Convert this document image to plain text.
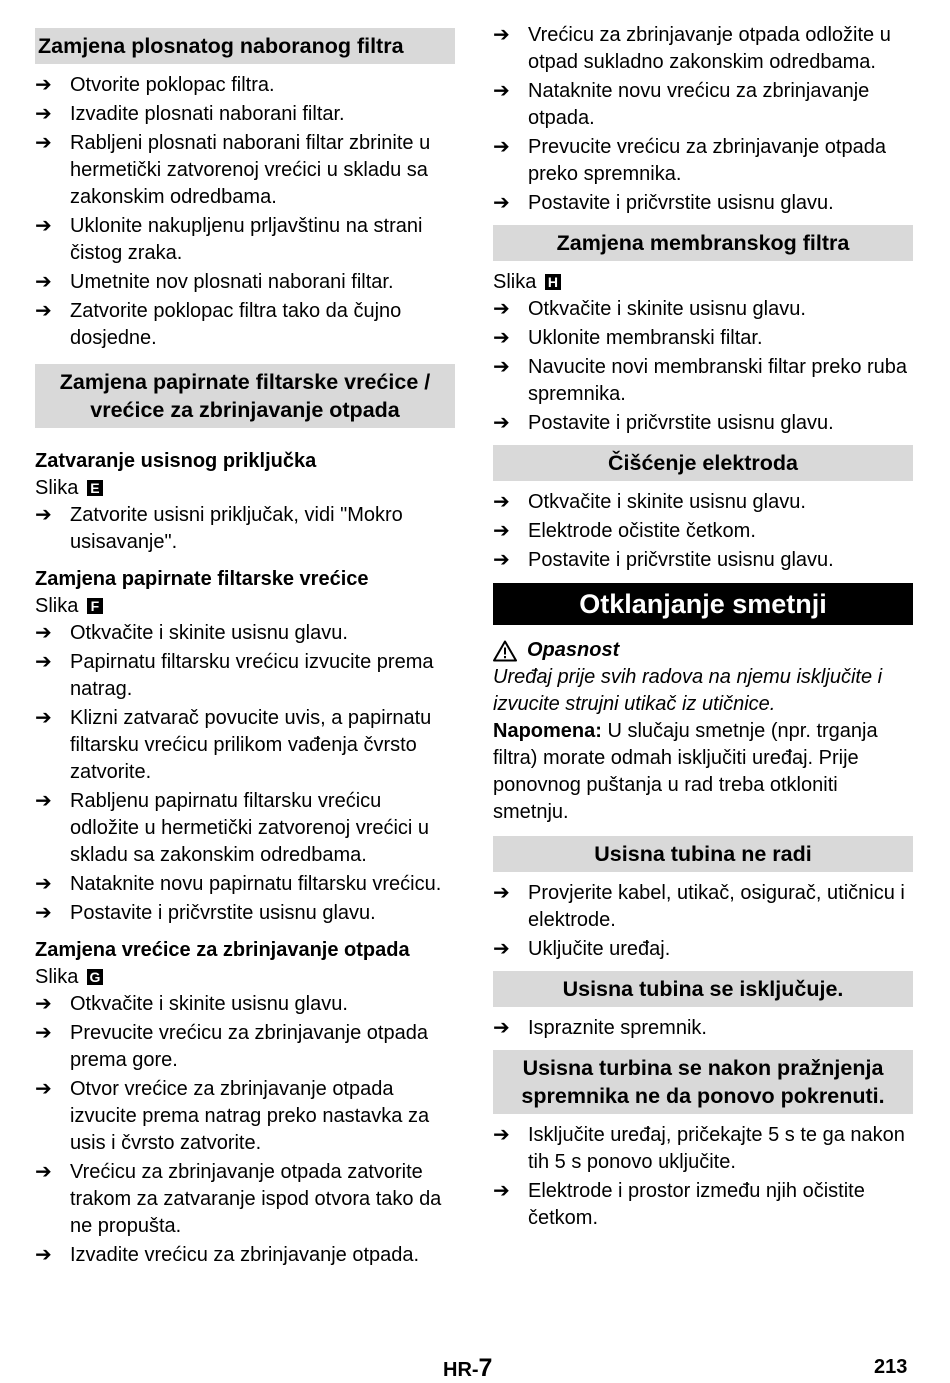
Zamjena plosnatog naboranog filtra
➔ Otvorite poklopac filtra.
➔ Izvadite plosnati naborani filtar.
➔ Rabljeni plosnati naborani filtar zbrinite u hermetički zatvorenoj vrećici u skladu sa zakonskim odredbama.
➔ Uklonite nakupljenu prljavštinu na strani čistog zraka.
➔ Umetnite nov plosnati naborani filtar.
➔ Zatvorite poklopac filtra tako da čujno dosjedne.
Zamjena papirnate filtarske vrećice / vrećice za zbrinjavanje otpada
Zatvaranje usisnog priključka
Slika E
➔ Zatvorite usisni priključak, vidi "Mokro usisavanje".
Zamjena papirnate filtarske vrećice
Slika F
➔ Otkvačite i skinite usisnu glavu.
➔ Papirnatu filtarsku vrećicu izvucite prema natrag.
➔ Klizni zatvarač povucite uvis, a papirnatu filtarsku vrećicu prilikom vađenja čvrsto zatvorite.
➔ Rabljenu papirnatu filtarsku vrećicu odložite u hermetički zatvorenoj vrećici u skladu sa zakonskim odredbama.
➔ Nataknite novu papirnatu filtarsku vrećicu.
➔ Postavite i pričvrstite usisnu glavu.
Zamjena vrećice za zbrinjavanje otpada
Slika G
➔ Otkvačite i skinite usisnu glavu.
➔ Prevucite vrećicu za zbrinjavanje otpada prema gore.
➔ Otvor vrećice za zbrinjavanje otpada izvucite prema natrag preko nastavka za usis i čvrsto zatvorite.
➔ Vrećicu za zbrinjavanje otpada zatvorite trakom za zatvaranje ispod otvora tako da ne propušta.
➔ Izvadite vrećicu za zbrinjavanje otpada.
➔ Vrećicu za zbrinjavanje otpada odložite u otpad sukladno zakonskim odredbama.
➔ Nataknite novu vrećicu za zbrinjavanje otpada.
➔ Prevucite vrećicu za zbrinjavanje otpada preko spremnika.
➔ Postavite i pričvrstite usisnu glavu.
Zamjena membranskog filtra
Slika H
➔ Otkvačite i skinite usisnu glavu.
➔ Uklonite membranski filtar.
➔ Navucite novi membranski filtar preko ruba spremnika.
➔ Postavite i pričvrstite usisnu glavu.
Čišćenje elektroda
➔ Otkvačite i skinite usisnu glavu.
➔ Elektrode očistite četkom.
➔ Postavite i pričvrstite usisnu glavu.
Otklanjanje smetnji
Opasnost
Uređaj prije svih radova na njemu isključite i izvucite strujni utikač iz utičnice.
Napomena: U slučaju smetnje (npr. trganja filtra) morate odmah isključiti uređaj. Prije ponovnog puštanja u rad treba otkloniti smetnju.
Usisna tubina ne radi
➔ Provjerite kabel, utikač, osigurač, utičnicu i elektrode.
➔ Uključite uređaj.
Usisna tubina se isključuje.
➔ Ispraznite spremnik.
Usisna turbina se nakon pražnjenja spremnika ne da ponovo pokrenuti.
➔ Isključite uređaj, pričekajte 5 s te ga nakon tih 5 s ponovo uključite.
➔ Elektrode i prostor između njih očistite četkom.
HR-7	213
